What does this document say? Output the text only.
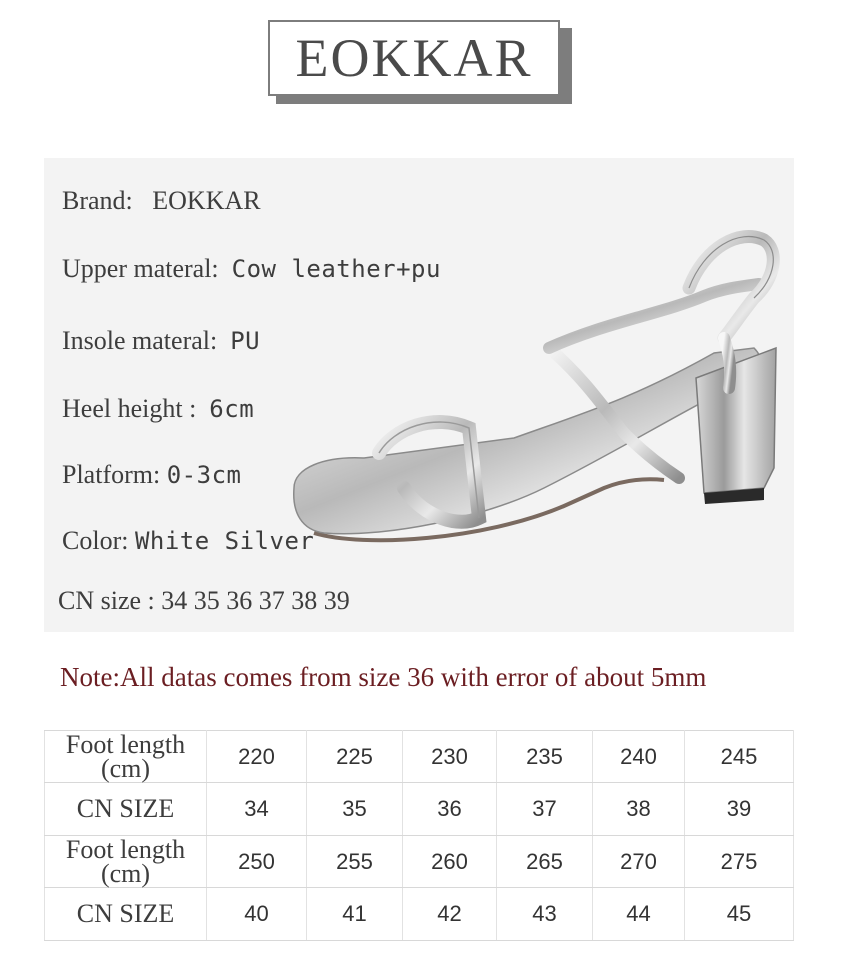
EOKKAR
Brand: EOKKAR
Upper materal: Cow leather+pu
Insole materal: PU
Heel height : 6cm
Platform: 0-3cm
Color: White Silver
CN size : 34 35 36 37 38 39
Note:All datas comes from size 36 with error of about 5mm
Foot length
(cm)	220	225	230	235	240	245

CN SIZE	34	35	36	37	38	39

Foot length
(cm)	250	255	260	265	270	275

CN SIZE	40	41	42	43	44	45
